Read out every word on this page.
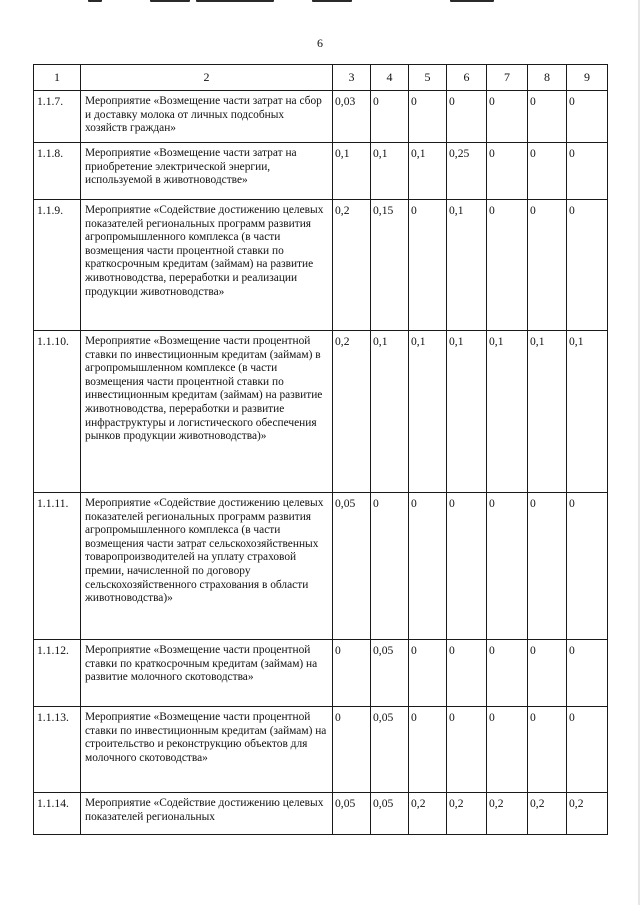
6
1	2	3	4	5	6	7	8	9
1.1.7.	Мероприятие «Возмещение части затрат на сбор и доставку молока от личных подсобных хозяйств граждан»	0,03	0	0	0	0	0	0
1.1.8.	Мероприятие «Возмещение части затрат на приобретение электрической энергии, используемой в животноводстве»	0,1	0,1	0,1	0,25	0	0	0
1.1.9.	Мероприятие «Содействие достижению целевых показателей региональных программ развития агропромышленного комплекса (в части возмещения части процентной ставки по краткосрочным кредитам (займам) на развитие животноводства, переработки и реализации продукции животноводства»	0,2	0,15	0	0,1	0	0	0
1.1.10.	Мероприятие «Возмещение части процентной ставки по инвестиционным кредитам (займам) в агропромышленном комплексе (в части возмещения части процентной ставки по инвестиционным кредитам (займам) на развитие животноводства, переработки и развитие инфраструктуры и логистического обеспечения рынков продукции животноводства)»	0,2	0,1	0,1	0,1	0,1	0,1	0,1
1.1.11.	Мероприятие «Содействие достижению целевых показателей региональных программ развития агропромышленного комплекса (в части возмещения части затрат сельскохозяйственных товаропроизводителей на уплату страховой премии, начисленной по договору сельскохозяйственного страхования в области животноводства)»	0,05	0	0	0	0	0	0
1.1.12.	Мероприятие «Возмещение части процентной ставки по краткосрочным кредитам (займам) на развитие молочного скотоводства»	0	0,05	0	0	0	0	0
1.1.13.	Мероприятие «Возмещение части процентной ставки по инвестиционным кредитам (займам) на строительство и реконструкцию объектов для молочного скотоводства»	0	0,05	0	0	0	0	0
1.1.14.	Мероприятие «Содействие достижению целевых показателей региональных	0,05	0,05	0,2	0,2	0,2	0,2	0,2
